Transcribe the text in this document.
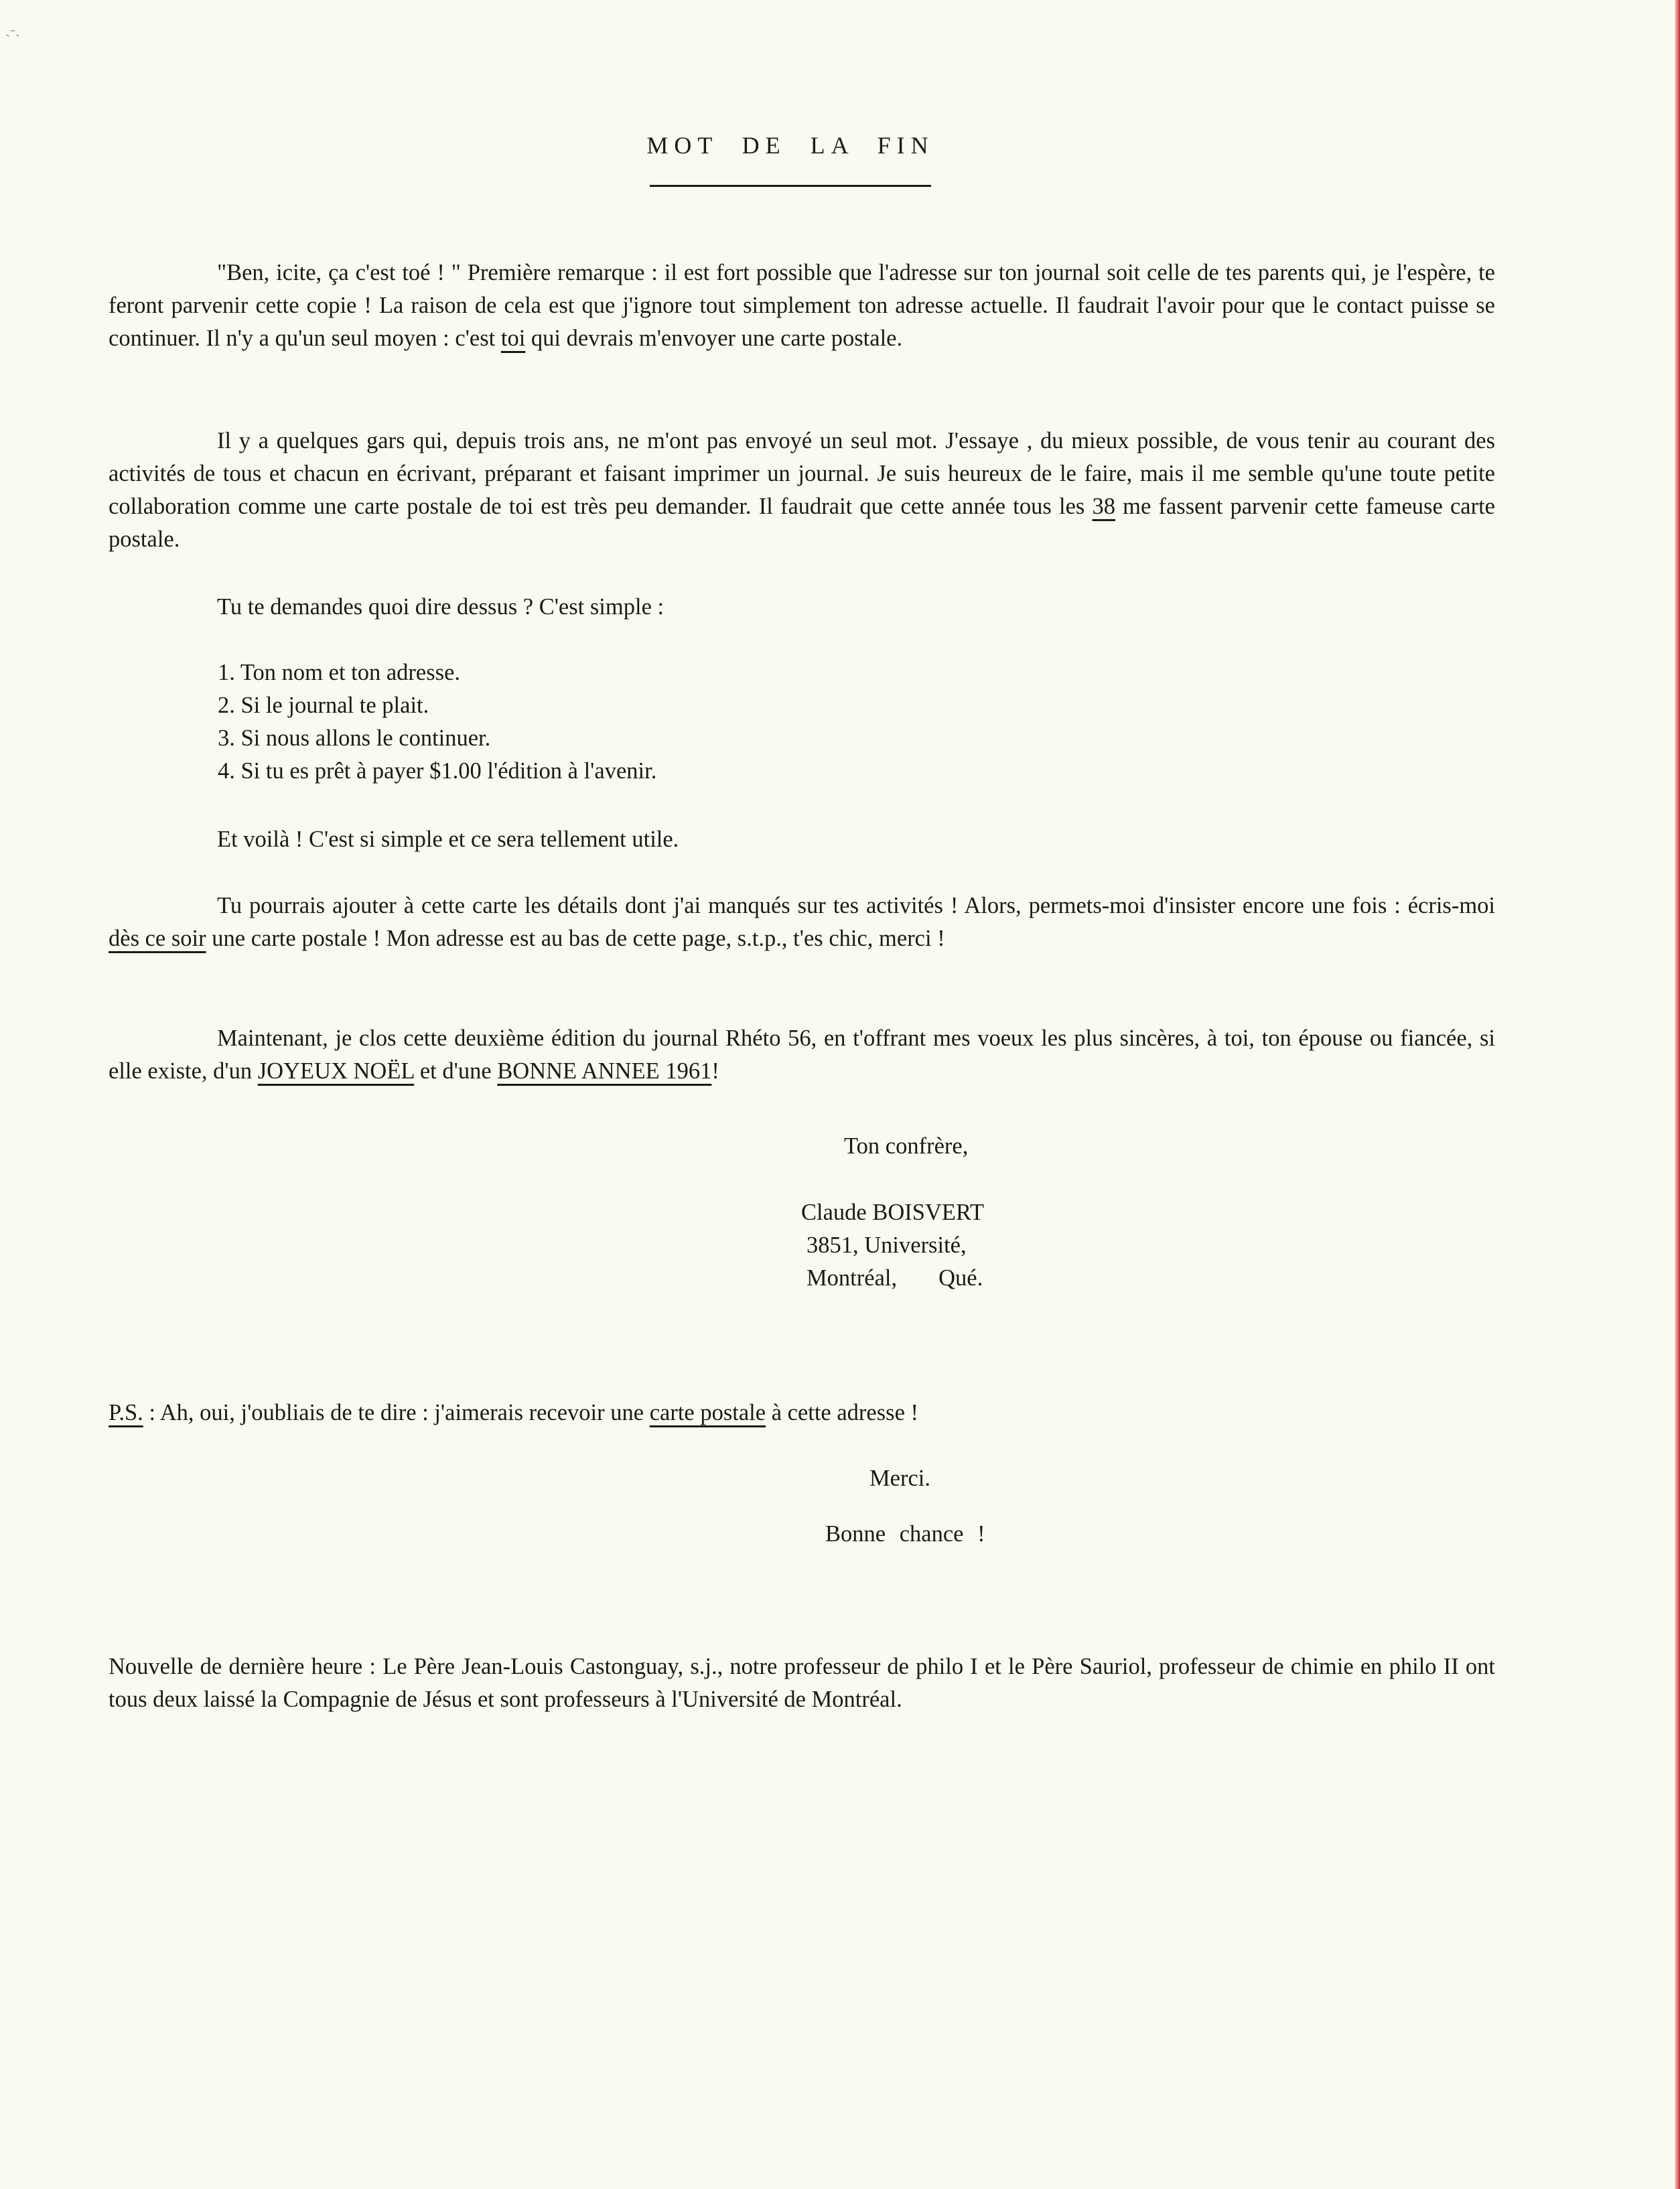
ˎ˗ˏ
MOT DE LA FIN

"Ben, icite, ça c'est toé ! " Première remarque : il est fort possible que l'adresse sur ton journal soit celle de tes parents qui, je l'espère, te feront parvenir cette copie ! La raison de cela est que j'ignore tout simplement ton adresse actuelle. Il faudrait l'avoir pour que le contact puisse se continuer. Il n'y a qu'un seul moyen : c'est toi qui devrais m'envoyer une carte postale.

Il y a quelques gars qui, depuis trois ans, ne m'ont pas envoyé un seul mot. J'essaye , du mieux possible, de vous tenir au courant des activités de tous et chacun en écrivant, préparant et faisant imprimer un journal. Je suis heureux de le faire, mais il me semble qu'une toute petite collaboration comme une carte postale de toi est très peu demander. Il faudrait que cette année tous les 38 me fassent parvenir cette fameuse carte postale.

Tu te demandes quoi dire dessus ? C'est simple :

1. Ton nom et ton adresse.
2. Si le journal te plait.
3. Si nous allons le continuer.
4. Si tu es prêt à payer $1.00 l'édition à l'avenir.

Et voilà ! C'est si simple et ce sera tellement utile.

Tu pourrais ajouter à cette carte les détails dont j'ai manqués sur tes activités ! Alors, permets-moi d'insister encore une fois : écris-moi dès ce soir une carte postale ! Mon adresse est au bas de cette page, s.t.p., t'es chic, merci !

Maintenant, je clos cette deuxième édition du journal Rhéto 56, en t'offrant mes voeux les plus sincères, à toi, ton épouse ou fiancée, si elle existe, d'un JOYEUX NOËL et d'une BONNE ANNEE 1961!

Ton confrère,
Claude BOISVERT
3851, Université,
Montréal, Qué.

P.S. : Ah, oui, j'oubliais de te dire : j'aimerais recevoir une carte postale à cette adresse !

Merci.
Bonne chance !

Nouvelle de dernière heure : Le Père Jean-Louis Castonguay, s.j., notre professeur de philo I et le Père Sauriol, professeur de chimie en philo II ont tous deux laissé la Compagnie de Jésus et sont professeurs à l'Université de Montréal.
